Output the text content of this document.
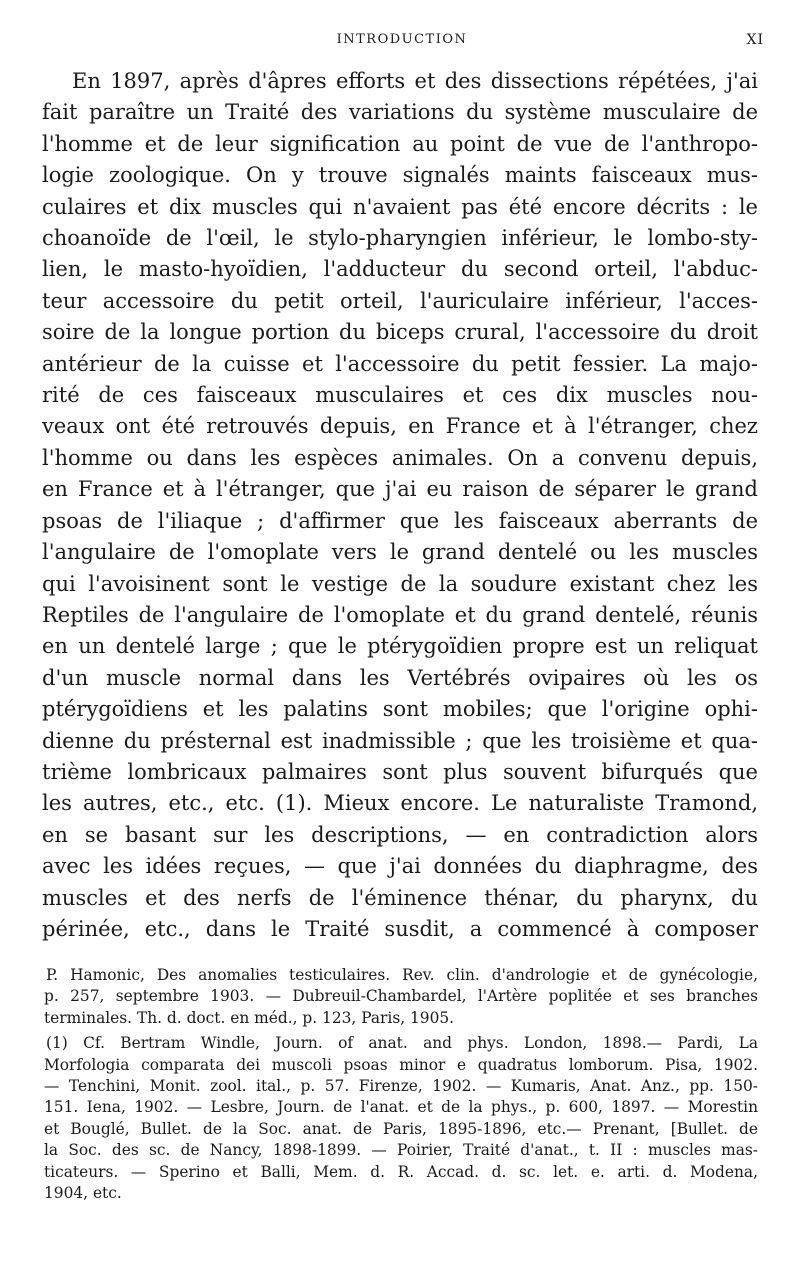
INTRODUCTION	XI
En 1897, après d'âpres efforts et des dissections répétées, j'ai
fait paraître un Traité des variations du système musculaire de
l'homme et de leur signification au point de vue de l'anthropo-
logie zoologique. On y trouve signalés maints faisceaux mus-
culaires et dix muscles qui n'avaient pas été encore décrits : le
choanoïde de l'œil, le stylo-pharyngien inférieur, le lombo-sty-
lien, le masto-hyoïdien, l'adducteur du second orteil, l'abduc-
teur accessoire du petit orteil, l'auriculaire inférieur, l'acces-
soire de la longue portion du biceps crural, l'accessoire du droit
antérieur de la cuisse et l'accessoire du petit fessier. La majo-
rité de ces faisceaux musculaires et ces dix muscles nou-
veaux ont été retrouvés depuis, en France et à l'étranger, chez
l'homme ou dans les espèces animales. On a convenu depuis,
en France et à l'étranger, que j'ai eu raison de séparer le grand
psoas de l'iliaque ; d'affirmer que les faisceaux aberrants de
l'angulaire de l'omoplate vers le grand dentelé ou les muscles
qui l'avoisinent sont le vestige de la soudure existant chez les
Reptiles de l'angulaire de l'omoplate et du grand dentelé, réunis
en un dentelé large ; que le ptérygoïdien propre est un reliquat
d'un muscle normal dans les Vertébrés ovipaires où les os
ptérygoïdiens et les palatins sont mobiles; que l'origine ophi-
dienne du présternal est inadmissible ; que les troisième et qua-
trième lombricaux palmaires sont plus souvent bifurqués que
les autres, etc., etc. (1). Mieux encore. Le naturaliste Tramond,
en se basant sur les descriptions, — en contradiction alors
avec les idées reçues, — que j'ai données du diaphragme, des
muscles et des nerfs de l'éminence thénar, du pharynx, du
périnée, etc., dans le Traité susdit, a commencé à composer
P. Hamonic, Des anomalies testiculaires. Rev. clin. d'andrologie et de gynécologie,
p. 257, septembre 1903. — Dubreuil-Chambardel, l'Artère poplitée et ses branches
terminales. Th. d. doct. en méd., p. 123, Paris, 1905.
(1) Cf. Bertram Windle, Journ. of anat. and phys. London, 1898.— Pardi, La
Morfologia comparata dei muscoli psoas minor e quadratus lomborum. Pisa, 1902.
— Tenchini, Monit. zool. ital., p. 57. Firenze, 1902. — Kumaris, Anat. Anz., pp. 150-
151. Iena, 1902. — Lesbre, Journ. de l'anat. et de la phys., p. 600, 1897. — Morestin
et Bouglé, Bullet. de la Soc. anat. de Paris, 1895-1896, etc.— Prenant, [Bullet. de
la Soc. des sc. de Nancy, 1898-1899. — Poirier, Traité d'anat., t. II : muscles mas-
ticateurs. — Sperino et Balli, Mem. d. R. Accad. d. sc. let. e. arti. d. Modena,
1904, etc.
